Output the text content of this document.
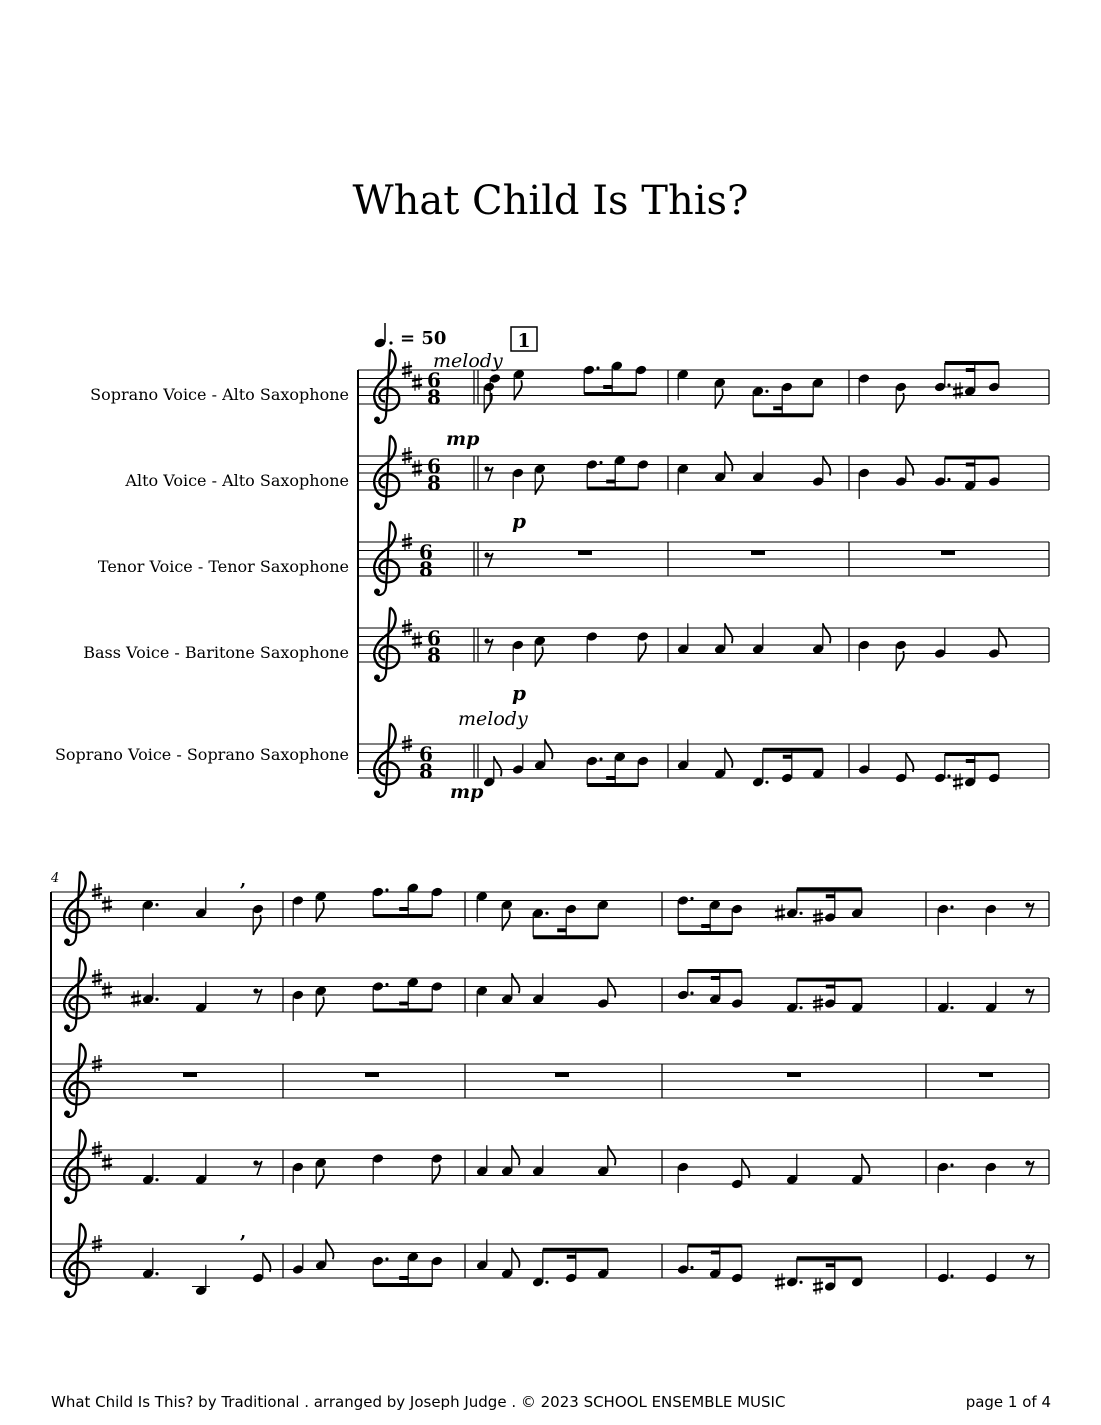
What Child Is This?
Soprano Voice - Alto Saxophone
Alto Voice - Alto Saxophone
Tenor Voice - Tenor Saxophone
Bass Voice - Baritone Saxophone
Soprano Voice - Soprano Saxophone
= 50	1
6
8
6
8
6
8
6
8
6
8
4	,
,
melody
mp
p
p
melody
mp
What Child Is This? by Traditional . arranged by Joseph Judge . © 2023 SCHOOL ENSEMBLE MUSIC	page 1 of 4
